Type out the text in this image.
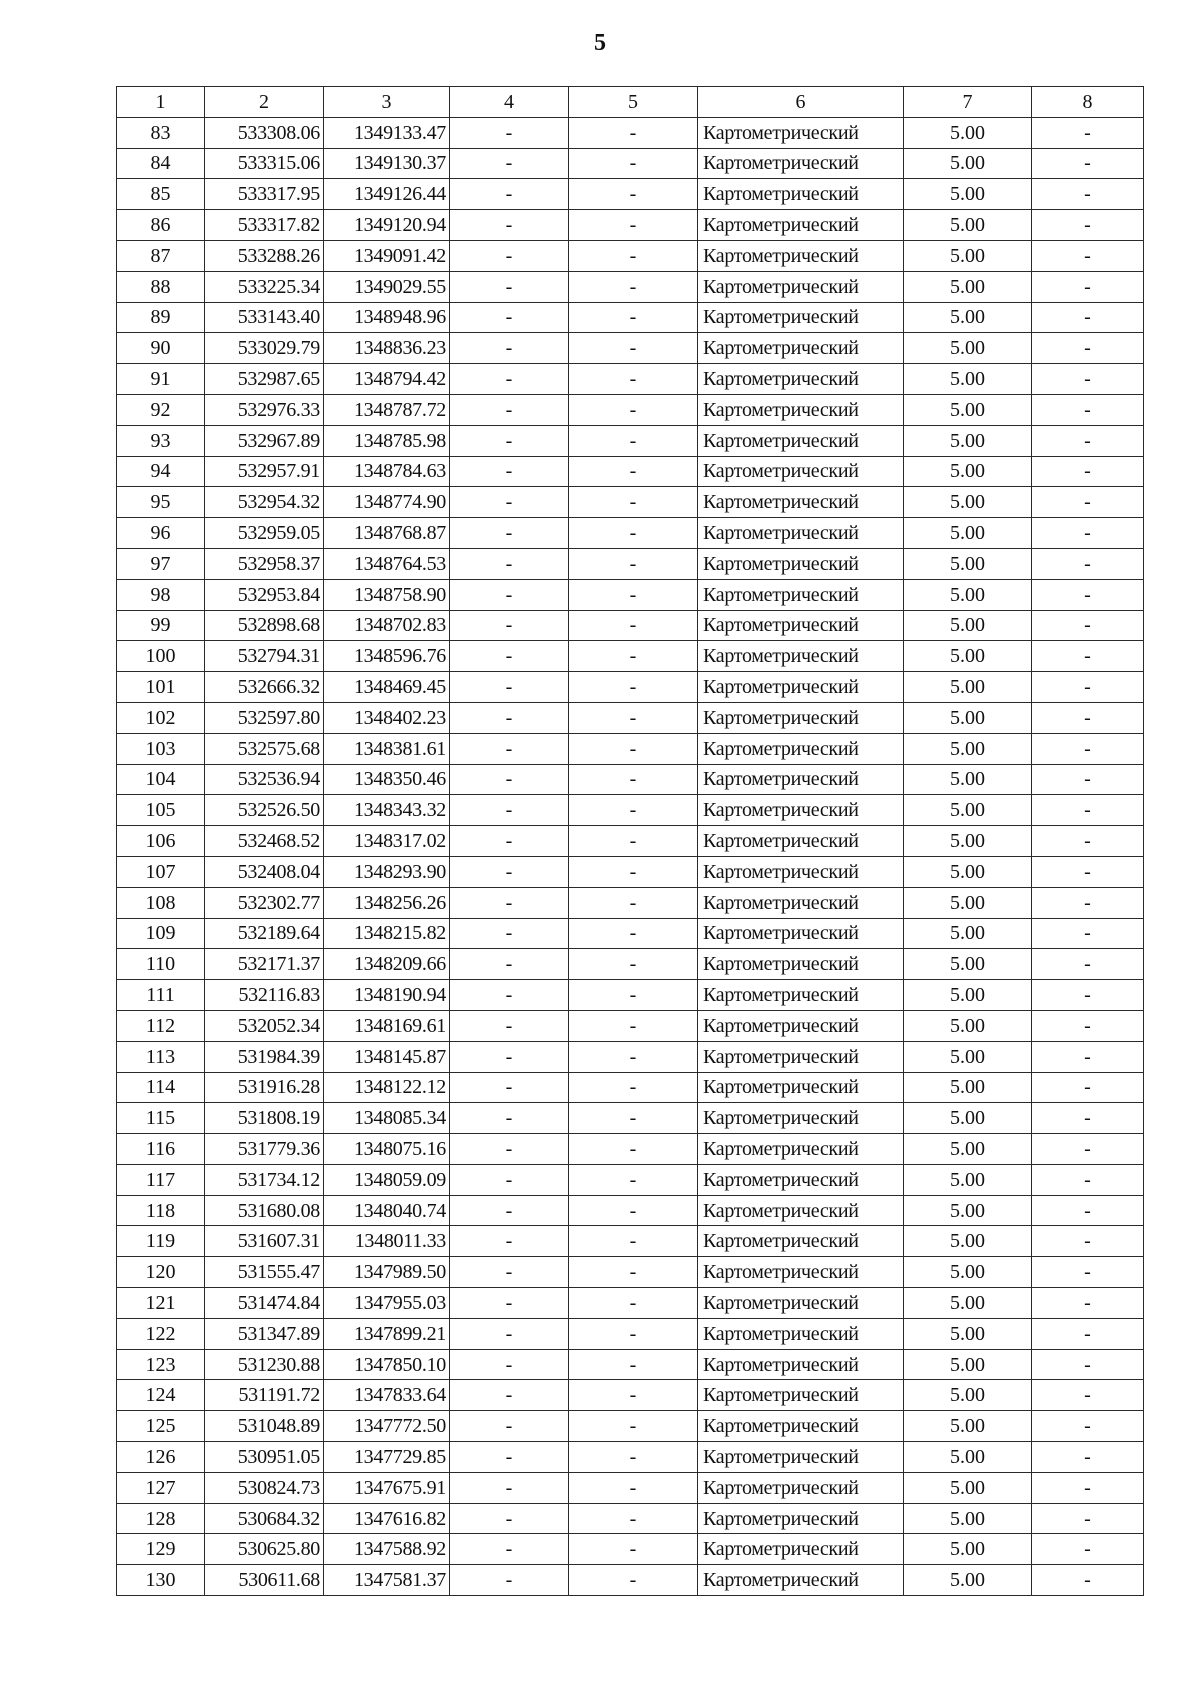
5
1	2	3	4	5	6	7	8
83	533308.06	1349133.47	-	-	Картометрический	5.00	-
84	533315.06	1349130.37	-	-	Картометрический	5.00	-
85	533317.95	1349126.44	-	-	Картометрический	5.00	-
86	533317.82	1349120.94	-	-	Картометрический	5.00	-
87	533288.26	1349091.42	-	-	Картометрический	5.00	-
88	533225.34	1349029.55	-	-	Картометрический	5.00	-
89	533143.40	1348948.96	-	-	Картометрический	5.00	-
90	533029.79	1348836.23	-	-	Картометрический	5.00	-
91	532987.65	1348794.42	-	-	Картометрический	5.00	-
92	532976.33	1348787.72	-	-	Картометрический	5.00	-
93	532967.89	1348785.98	-	-	Картометрический	5.00	-
94	532957.91	1348784.63	-	-	Картометрический	5.00	-
95	532954.32	1348774.90	-	-	Картометрический	5.00	-
96	532959.05	1348768.87	-	-	Картометрический	5.00	-
97	532958.37	1348764.53	-	-	Картометрический	5.00	-
98	532953.84	1348758.90	-	-	Картометрический	5.00	-
99	532898.68	1348702.83	-	-	Картометрический	5.00	-
100	532794.31	1348596.76	-	-	Картометрический	5.00	-
101	532666.32	1348469.45	-	-	Картометрический	5.00	-
102	532597.80	1348402.23	-	-	Картометрический	5.00	-
103	532575.68	1348381.61	-	-	Картометрический	5.00	-
104	532536.94	1348350.46	-	-	Картометрический	5.00	-
105	532526.50	1348343.32	-	-	Картометрический	5.00	-
106	532468.52	1348317.02	-	-	Картометрический	5.00	-
107	532408.04	1348293.90	-	-	Картометрический	5.00	-
108	532302.77	1348256.26	-	-	Картометрический	5.00	-
109	532189.64	1348215.82	-	-	Картометрический	5.00	-
110	532171.37	1348209.66	-	-	Картометрический	5.00	-
111	532116.83	1348190.94	-	-	Картометрический	5.00	-
112	532052.34	1348169.61	-	-	Картометрический	5.00	-
113	531984.39	1348145.87	-	-	Картометрический	5.00	-
114	531916.28	1348122.12	-	-	Картометрический	5.00	-
115	531808.19	1348085.34	-	-	Картометрический	5.00	-
116	531779.36	1348075.16	-	-	Картометрический	5.00	-
117	531734.12	1348059.09	-	-	Картометрический	5.00	-
118	531680.08	1348040.74	-	-	Картометрический	5.00	-
119	531607.31	1348011.33	-	-	Картометрический	5.00	-
120	531555.47	1347989.50	-	-	Картометрический	5.00	-
121	531474.84	1347955.03	-	-	Картометрический	5.00	-
122	531347.89	1347899.21	-	-	Картометрический	5.00	-
123	531230.88	1347850.10	-	-	Картометрический	5.00	-
124	531191.72	1347833.64	-	-	Картометрический	5.00	-
125	531048.89	1347772.50	-	-	Картометрический	5.00	-
126	530951.05	1347729.85	-	-	Картометрический	5.00	-
127	530824.73	1347675.91	-	-	Картометрический	5.00	-
128	530684.32	1347616.82	-	-	Картометрический	5.00	-
129	530625.80	1347588.92	-	-	Картометрический	5.00	-
130	530611.68	1347581.37	-	-	Картометрический	5.00	-
